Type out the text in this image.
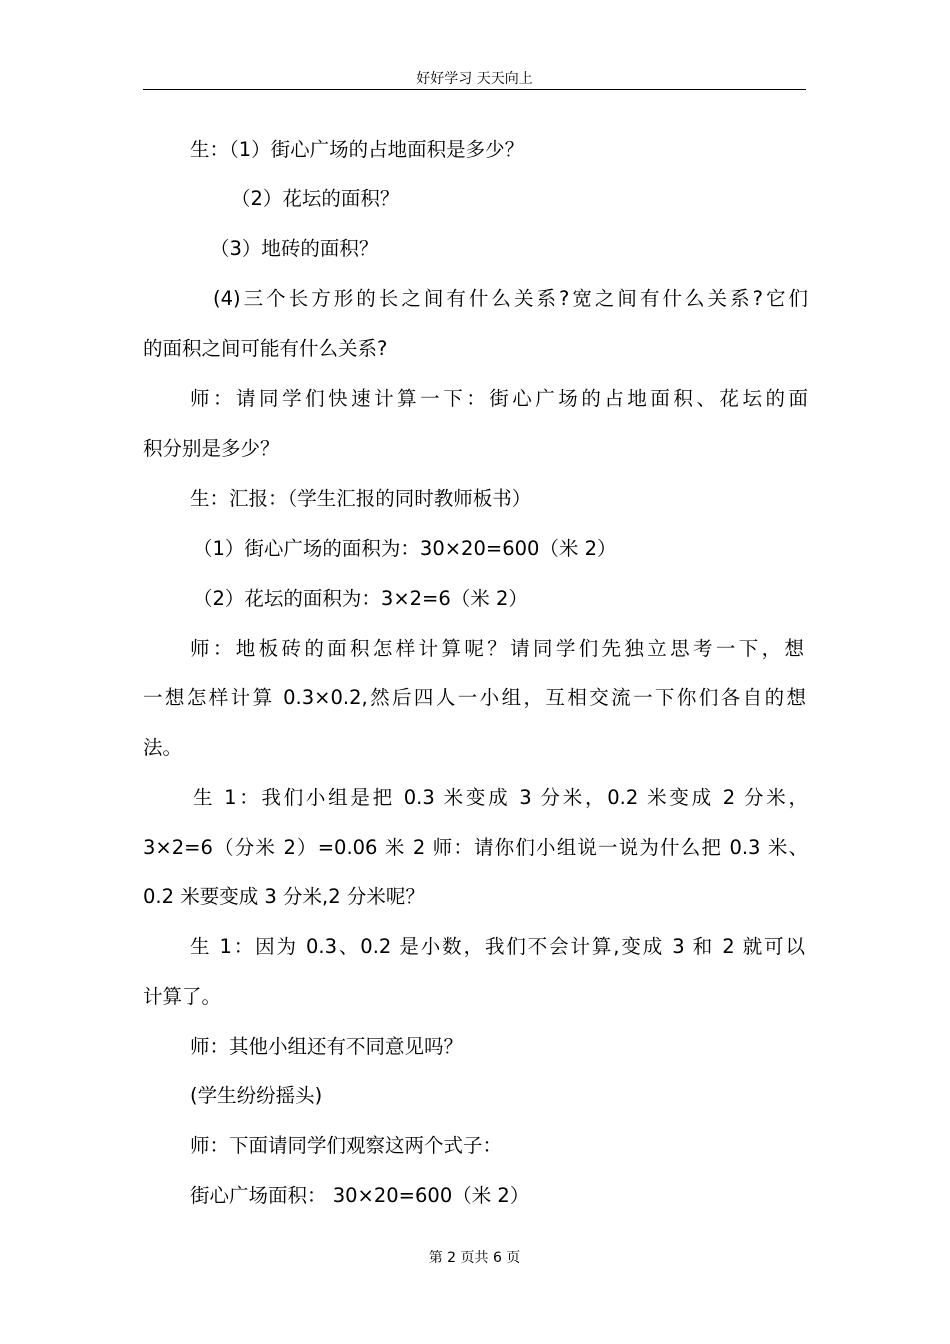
好好学习 天天向上
生：（1）街心广场的占地面积是多少？
（2）花坛的面积？
（3）地砖的面积？
(4)三个长方形的长之间有什么关系?宽之间有什么关系?它们
的面积之间可能有什么关系?
师：请同学们快速计算一下：街心广场的占地面积、花坛的面
积分别是多少？
生：汇报：（学生汇报的同时教师板书）
（1）街心广场的面积为：30×20=600（米 2）
（2）花坛的面积为：3×2=6（米 2）
师：地板砖的面积怎样计算呢？请同学们先独立思考一下，想
一想怎样计算 0.3×0.2,然后四人一小组，互相交流一下你们各自的想
法。
生 1：我们小组是把 0.3 米变成 3 分米，0.2 米变成 2 分米，
3×2=6（分米 2）=0.06 米 2 师：请你们小组说一说为什么把 0.3 米、
0.2 米要变成 3 分米,2 分米呢？
生 1：因为 0.3、0.2 是小数，我们不会计算,变成 3 和 2 就可以
计算了。
师：其他小组还有不同意见吗？
(学生纷纷摇头)
师：下面请同学们观察这两个式子：
街心广场面积： 30×20=600（米 2）
第 2 页共 6 页
